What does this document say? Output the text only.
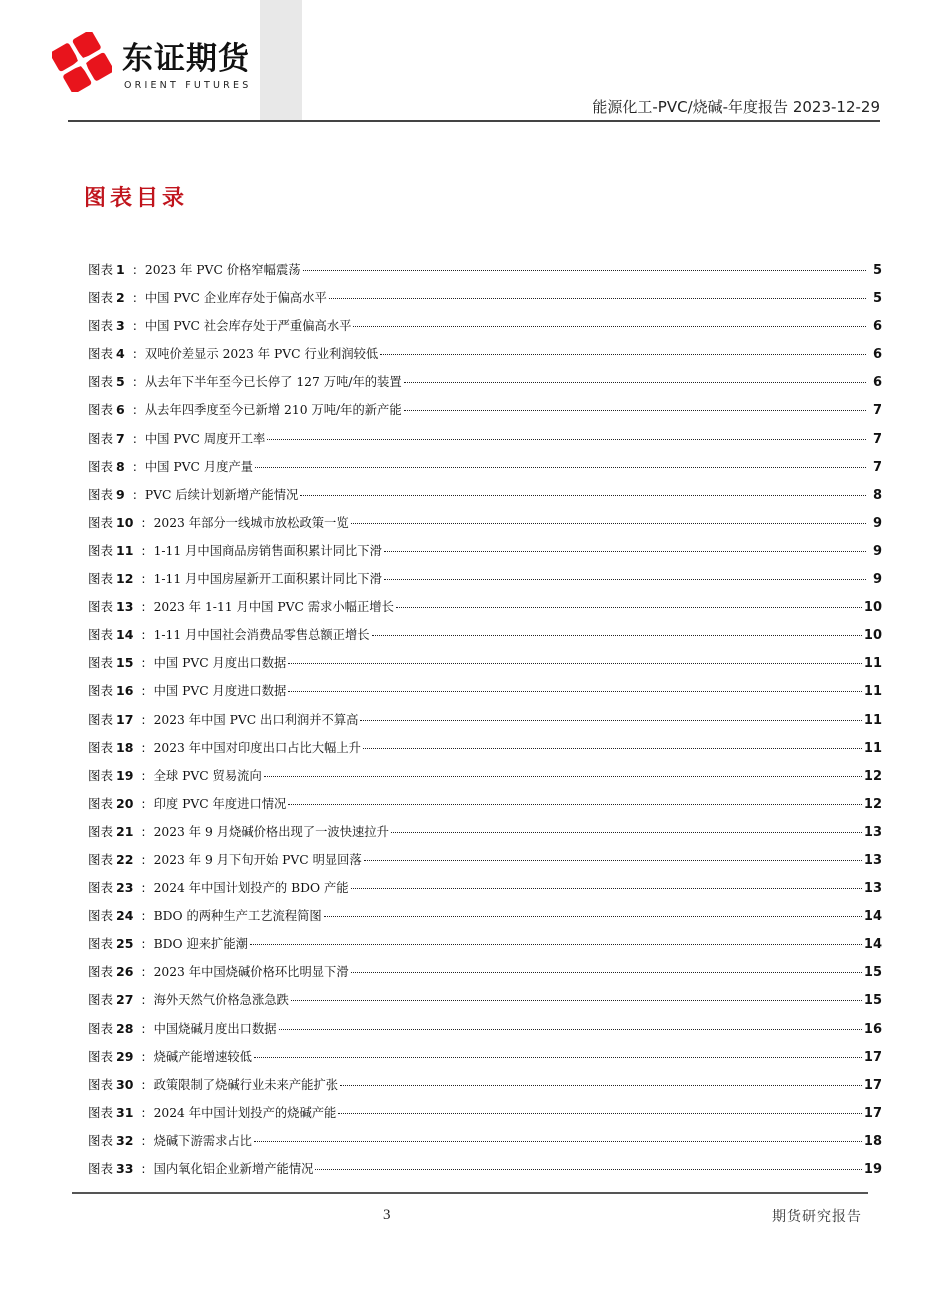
东证期货
ORIENT FUTURES
能源化工-PVC/烧碱-年度报告 2023-12-29
图表目录
图表 1 : 2023 年 PVC 价格窄幅震荡	5
图表 2 : 中国 PVC 企业库存处于偏高水平	5
图表 3 : 中国 PVC 社会库存处于严重偏高水平	6
图表 4 : 双吨价差显示 2023 年 PVC 行业利润较低	6
图表 5 : 从去年下半年至今已长停了 127 万吨/年的装置	6
图表 6 : 从去年四季度至今已新增 210 万吨/年的新产能	7
图表 7 : 中国 PVC 周度开工率	7
图表 8 : 中国 PVC 月度产量	7
图表 9 : PVC 后续计划新增产能情况	8
图表 10 : 2023 年部分一线城市放松政策一览	9
图表 11 : 1-11 月中国商品房销售面积累计同比下滑	9
图表 12 : 1-11 月中国房屋新开工面积累计同比下滑	9
图表 13 : 2023 年 1-11 月中国 PVC 需求小幅正增长	10
图表 14 : 1-11 月中国社会消费品零售总额正增长	10
图表 15 : 中国 PVC 月度出口数据	11
图表 16 : 中国 PVC 月度进口数据	11
图表 17 : 2023 年中国 PVC 出口利润并不算高	11
图表 18 : 2023 年中国对印度出口占比大幅上升	11
图表 19 : 全球 PVC 贸易流向	12
图表 20 : 印度 PVC 年度进口情况	12
图表 21 : 2023 年 9 月烧碱价格出现了一波快速拉升	13
图表 22 : 2023 年 9 月下旬开始 PVC 明显回落	13
图表 23 : 2024 年中国计划投产的 BDO 产能	13
图表 24 : BDO 的两种生产工艺流程简图	14
图表 25 : BDO 迎来扩能潮	14
图表 26 : 2023 年中国烧碱价格环比明显下滑	15
图表 27 : 海外天然气价格急涨急跌	15
图表 28 : 中国烧碱月度出口数据	16
图表 29 : 烧碱产能增速较低	17
图表 30 : 政策限制了烧碱行业未来产能扩张	17
图表 31 : 2024 年中国计划投产的烧碱产能	17
图表 32 : 烧碱下游需求占比	18
图表 33 : 国内氧化铝企业新增产能情况	19
3	期货研究报告
